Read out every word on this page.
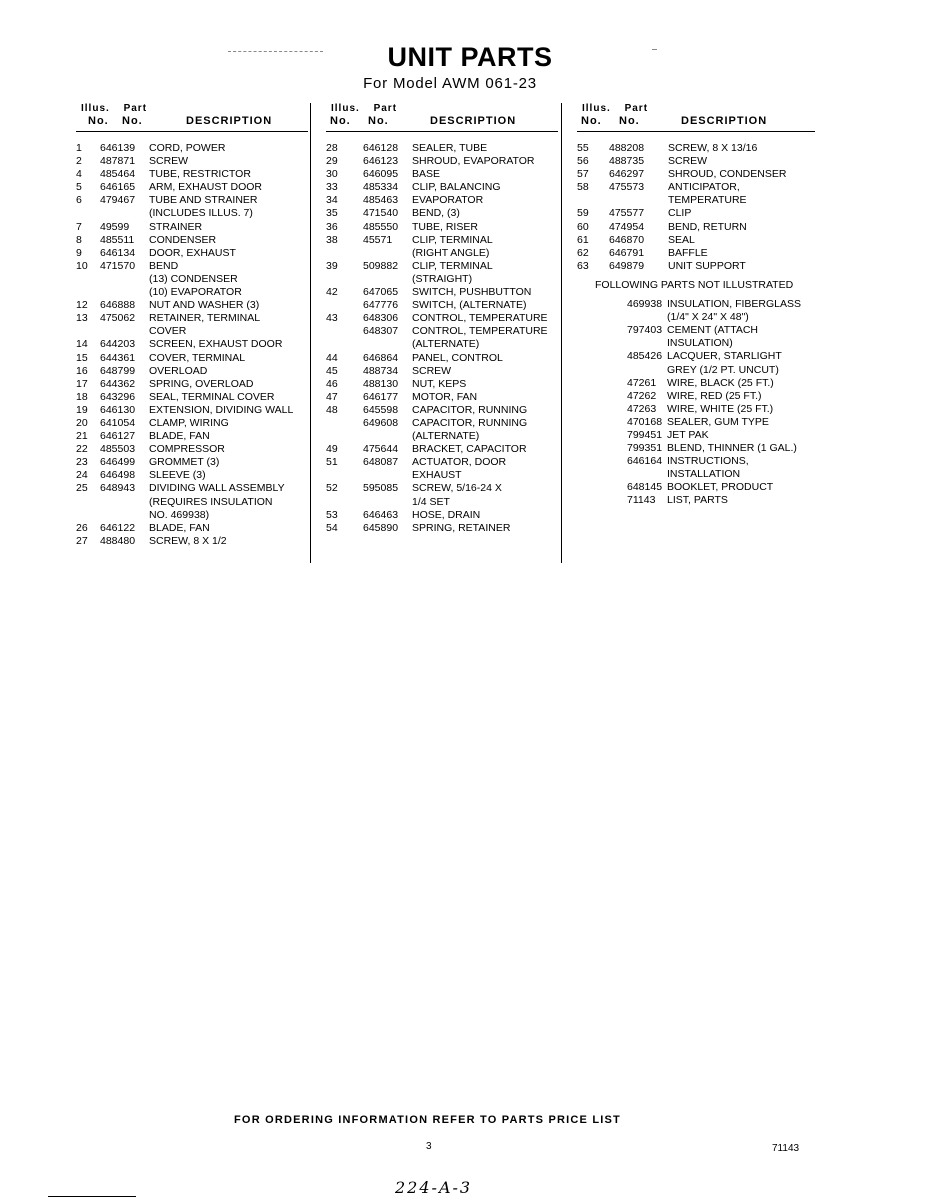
UNIT PARTS
For Model AWM 061-23
Illus. Part
No. No.	DESCRIPTION
1 646139 CORD, POWER
2 487871 SCREW
4 485464 TUBE, RESTRICTOR
5 646165 ARM, EXHAUST DOOR
6 479467 TUBE AND STRAINER
(INCLUDES ILLUS. 7)
7 49599 STRAINER
8 485511 CONDENSER
9 646134 DOOR, EXHAUST
10 471570 BEND
(13) CONDENSER
(10) EVAPORATOR
12 646888 NUT AND WASHER (3)
13 475062 RETAINER, TERMINAL
COVER
14 644203 SCREEN, EXHAUST DOOR
15 644361 COVER, TERMINAL
16 648799 OVERLOAD
17 644362 SPRING, OVERLOAD
18 643296 SEAL, TERMINAL COVER
19 646130 EXTENSION, DIVIDING WALL
20 641054 CLAMP, WIRING
21 646127 BLADE, FAN
22 485503 COMPRESSOR
23 646499 GROMMET (3)
24 646498 SLEEVE (3)
25 648943 DIVIDING WALL ASSEMBLY
(REQUIRES INSULATION
NO. 469938)
26 646122 BLADE, FAN
27 488480 SCREW, 8 X 1/2
Illus. Part
No. No.	DESCRIPTION
28 646128 SEALER, TUBE
29 646123 SHROUD, EVAPORATOR
30 646095 BASE
33 485334 CLIP, BALANCING
34 485463 EVAPORATOR
35 471540 BEND, (3)
36 485550 TUBE, RISER
38 45571 CLIP, TERMINAL
(RIGHT ANGLE)
39 509882 CLIP, TERMINAL
(STRAIGHT)
42 647065 SWITCH, PUSHBUTTON
647776 SWITCH, (ALTERNATE)
43 648306 CONTROL, TEMPERATURE
648307 CONTROL, TEMPERATURE
(ALTERNATE)
44 646864 PANEL, CONTROL
45 488734 SCREW
46 488130 NUT, KEPS
47 646177 MOTOR, FAN
48 645598 CAPACITOR, RUNNING
649608 CAPACITOR, RUNNING
(ALTERNATE)
49 475644 BRACKET, CAPACITOR
51 648087 ACTUATOR, DOOR
EXHAUST
52 595085 SCREW, 5/16-24 X
1/4 SET
53 646463 HOSE, DRAIN
54 645890 SPRING, RETAINER
Illus. Part
No. No.	DESCRIPTION
55 488208 SCREW, 8 X 13/16
56 488735 SCREW
57 646297 SHROUD, CONDENSER
58 475573 ANTICIPATOR,
TEMPERATURE
59 475577 CLIP
60 474954 BEND, RETURN
61 646870 SEAL
62 646791 BAFFLE
63 649879 UNIT SUPPORT
FOLLOWING PARTS NOT ILLUSTRATED
469938 INSULATION, FIBERGLASS
(1/4" X 24" X 48")
797403 CEMENT (ATTACH
INSULATION)
485426 LACQUER, STARLIGHT
GREY (1/2 PT. UNCUT)
47261 WIRE, BLACK (25 FT.)
47262 WIRE, RED (25 FT.)
47263 WIRE, WHITE (25 FT.)
470168 SEALER, GUM TYPE
799451 JET PAK
799351 BLEND, THINNER (1 GAL.)
646164 INSTRUCTIONS,
INSTALLATION
648145 BOOKLET, PRODUCT
71143 LIST, PARTS
FOR ORDERING INFORMATION REFER TO PARTS PRICE LIST
3	71143
224-A-3
